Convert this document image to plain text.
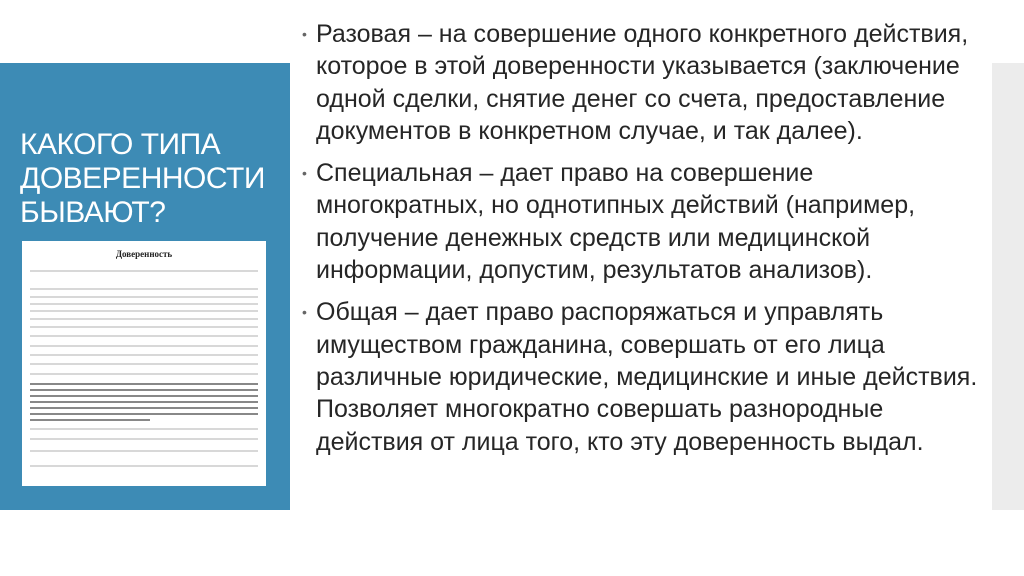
КАКОГО ТИПА ДОВЕРЕННОСТИ БЫВАЮТ?
Доверенность
• Разовая – на совершение одного конкретного действия, которое в этой доверенности указывается (заключение одной сделки, снятие денег со счета, предоставление документов в конкретном случае, и так далее).
• Специальная – дает право на совершение многократных, но однотипных действий (например, получение денежных средств или медицинской информации, допустим, результатов анализов).
• Общая – дает право распоряжаться и управлять имуществом гражданина, совершать от его лица различные юридические, медицинские и иные действия. Позволяет многократно совершать разнородные действия от лица того, кто эту доверенность выдал.
